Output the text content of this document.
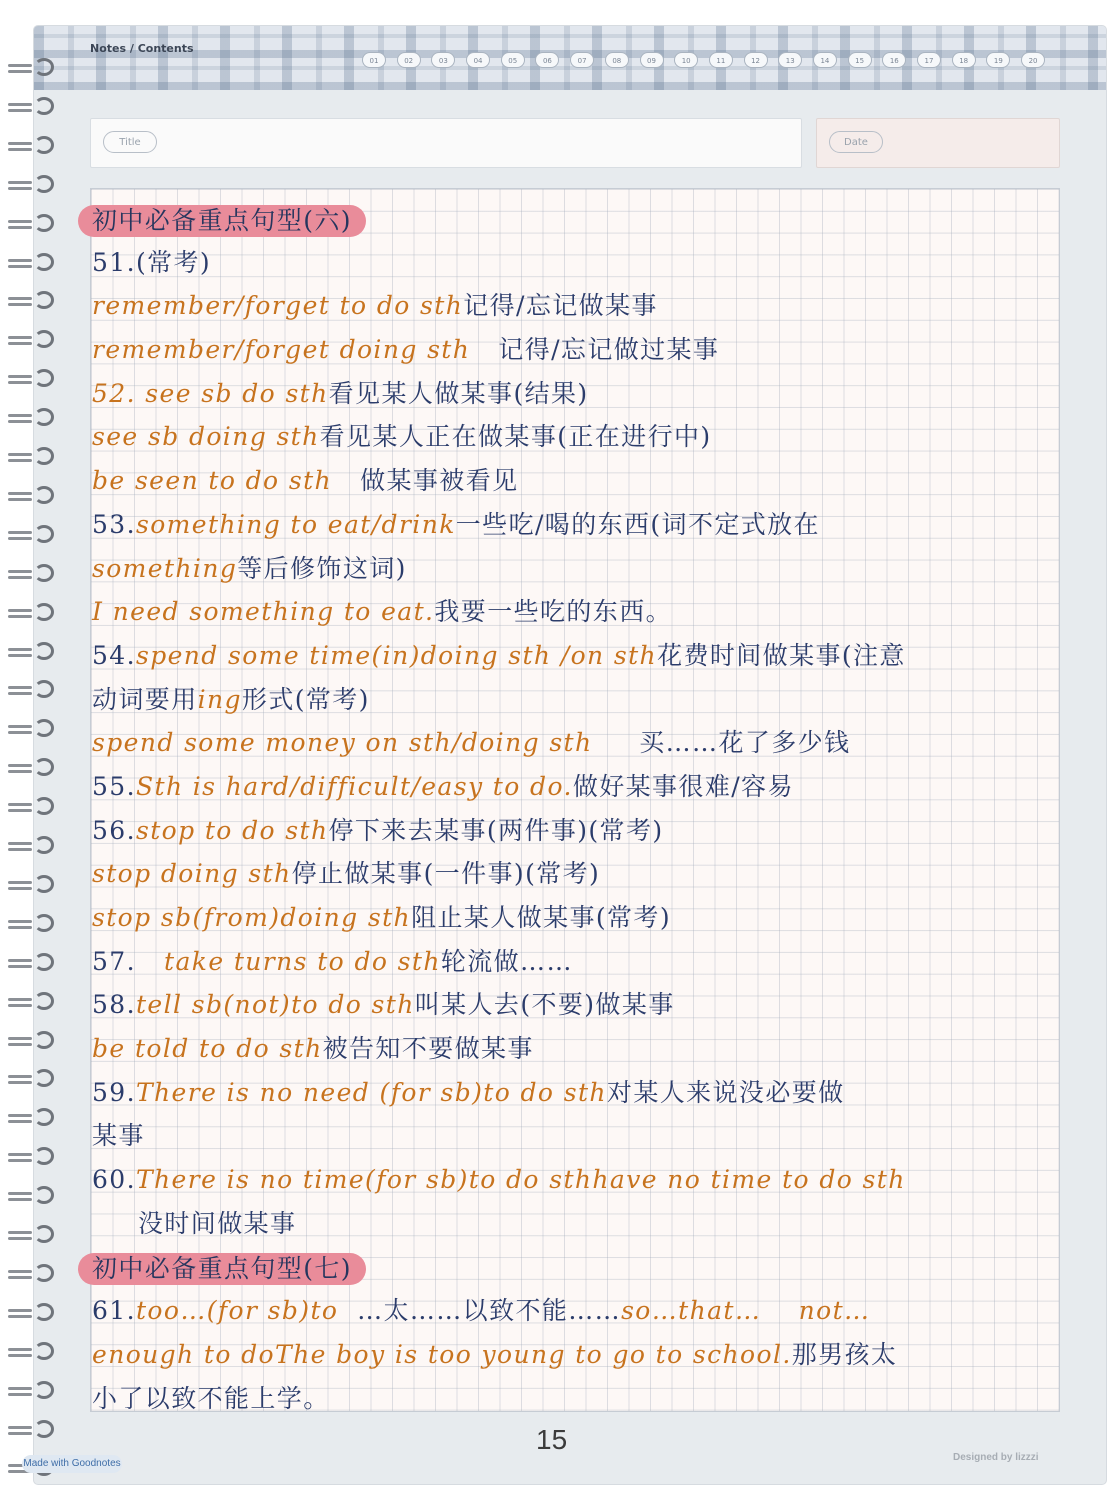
Notes / Contents
01	02	03	04	05	06	07	08	09	10	11	12	13	14	15	16	17	18	19	20
Title	Date
初中必备重点句型(六)
51.(常考)
remember/forget to do sth记得/忘记做某事
remember/forget doing sth 记得/忘记做过某事
52. see sb do sth看见某人做某事(结果)
see sb doing sth看见某人正在做某事(正在进行中)
be seen to do sth 做某事被看见
53.something to eat/drink一些吃/喝的东西(词不定式放在
something等后修饰这词)
I need something to eat.我要一些吃的东西。
54.spend some time(in)doing sth /on sth花费时间做某事(注意
动词要用ing形式(常考)
spend some money on sth/doing sth 买……花了多少钱
55.Sth is hard/difficult/easy to do.做好某事很难/容易
56.stop to do sth停下来去某事(两件事)(常考)
stop doing sth停止做某事(一件事)(常考)
stop sb(from)doing sth阻止某人做某事(常考)
57. take turns to do sth轮流做……
58.tell sb(not)to do sth叫某人去(不要)做某事
be told to do sth被告知不要做某事
59.There is no need (for sb)to do sth对某人来说没必要做
某事
60.There is no time(for sb)to do sthhave no time to do sth
没时间做某事
初中必备重点句型(七)
61.too…(for sb)to …太……以致不能……so…that… not…
enough to doThe boy is too young to go to school.那男孩太
小了以致不能上学。
15
Made with Goodnotes
Designed by lizzzi
